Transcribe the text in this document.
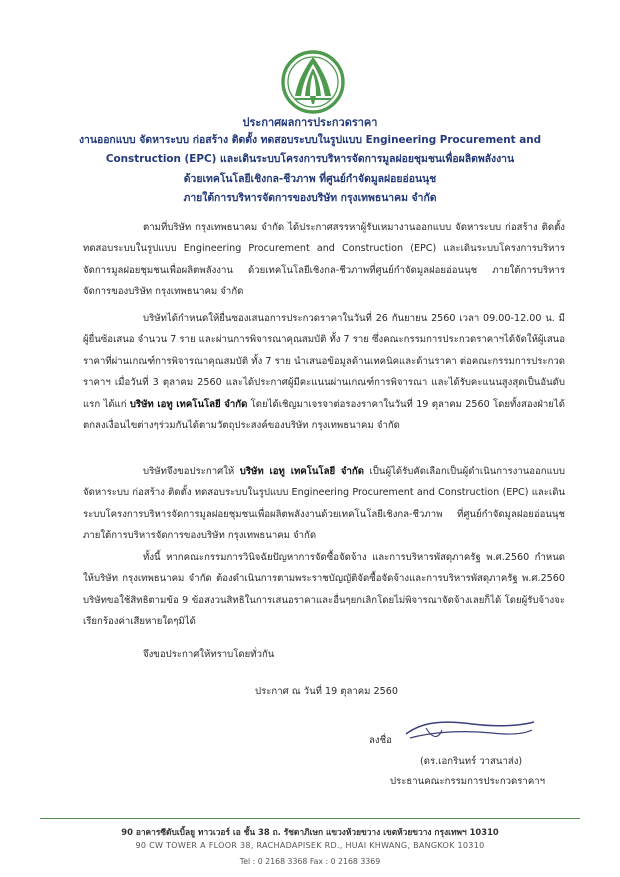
ประกาศผลการประกวดราคา
งานออกแบบ จัดหาระบบ ก่อสร้าง ติดตั้ง ทดสอบระบบในรูปแบบ Engineering Procurement and
Construction (EPC) และเดินระบบโครงการบริหารจัดการมูลฝอยชุมชนเพื่อผลิตพลังงาน
ด้วยเทคโนโลยีเชิงกล-ชีวภาพ ที่ศูนย์กำจัดมูลฝอยอ่อนนุช
ภายใต้การบริหารจัดการของบริษัท กรุงเทพธนาคม จำกัด
ตามที่บริษัท กรุงเทพธนาคม จำกัด ได้ประกาศสรรหาผู้รับเหมางานออกแบบ จัดหาระบบ ก่อสร้าง ติดตั้ง ทดสอบระบบในรูปแบบ Engineering Procurement and Construction (EPC) และเดินระบบโครงการบริหารจัดการมูลฝอยชุมชนเพื่อผลิตพลังงาน ด้วยเทคโนโลยีเชิงกล-ชีวภาพที่ศูนย์กำจัดมูลฝอยอ่อนนุช ภายใต้การบริหารจัดการของบริษัท กรุงเทพธนาคม จำกัด
บริษัทได้กำหนดให้ยื่นซองเสนอการประกวดราคาในวันที่ 26 กันยายน 2560 เวลา 09.00-12.00 น. มีผู้ยื่นซ้อเสนอ จำนวน 7 ราย และผ่านการพิจารณาคุณสมบัติ ทั้ง 7 ราย ซึ่งคณะกรรมการประกวดราคาฯได้จัดให้ผู้เสนอราคาที่ผ่านเกณฑ์การพิจารณาคุณสมบัติ ทั้ง 7 ราย นำเสนอข้อมูลด้านเทคนิคและด้านราคา ต่อคณะกรรมการประกวดราคาฯ เมื่อวันที่ 3 ตุลาคม 2560 และได้ประกาศผู้มีคะแนนผ่านเกณฑ์การพิจารณา และได้รับคะแนนสูงสุดเป็นอันดับแรก ได้แก่ บริษัท เอทู เทคโนโลยี จำกัด โดยได้เชิญมาเจรจาต่อรองราคาในวันที่ 19 ตุลาคม 2560 โดยทั้งสองฝ่ายได้ตกลงเงื่อนไขต่างๆร่วมกันได้ตามวัตถุประสงค์ของบริษัท กรุงเทพธนาคม จำกัด
บริษัทจึงขอประกาศให้ บริษัท เอทู เทคโนโลยี จำกัด เป็นผู้ได้รับคัดเลือกเป็นผู้ดำเนินการงานออกแบบ จัดหาระบบ ก่อสร้าง ติดตั้ง ทดสอบระบบในรูปแบบ Engineering Procurement and Construction (EPC) และเดินระบบโครงการบริหารจัดการมูลฝอยชุมชนเพื่อผลิตพลังงานด้วยเทคโนโลยีเชิงกล-ชีวภาพ ที่ศูนย์กำจัดมูลฝอยอ่อนนุช ภายใต้การบริหารจัดการของบริษัท กรุงเทพธนาคม จำกัด
ทั้งนี้ หากคณะกรรมการวินิจฉัยปัญหาการจัดซื้อจัดจ้าง และการบริหารพัสดุภาครัฐ พ.ศ.2560 กำหนดให้บริษัท กรุงเทพธนาคม จำกัด ต้องดำเนินการตามพระราชบัญญัติจัดซื้อจัดจ้างและการบริหารพัสดุภาครัฐ พ.ศ.2560 บริษัทขอใช้สิทธิตามข้อ 9 ข้อสงวนสิทธิในการเสนอราคาและอื่นๆยกเลิกโดยไม่พิจารณาจัดจ้างเลยก็ได้ โดยผู้รับจ้างจะเรียกร้องค่าเสียหายใดๆมิได้
จึงขอประกาศให้ทราบโดยทั่วกัน
ประกาศ ณ วันที่ 19 ตุลาคม 2560
ลงชื่อ
(ดร.เอกรินทร์ วาสนาส่ง)
ประธานคณะกรรมการประกวดราคาฯ
90 อาคารซีดับเบิ้ลยู ทาวเวอร์ เอ ชั้น 38 ถ. รัชดาภิเษก แขวงห้วยขวาง เขตห้วยขวาง กรุงเทพฯ 10310
90 CW TOWER A FLOOR 38, RACHADAPISEK RD., HUAI KHWANG, BANGKOK 10310
Tel : 0 2168 3368 Fax : 0 2168 3369
